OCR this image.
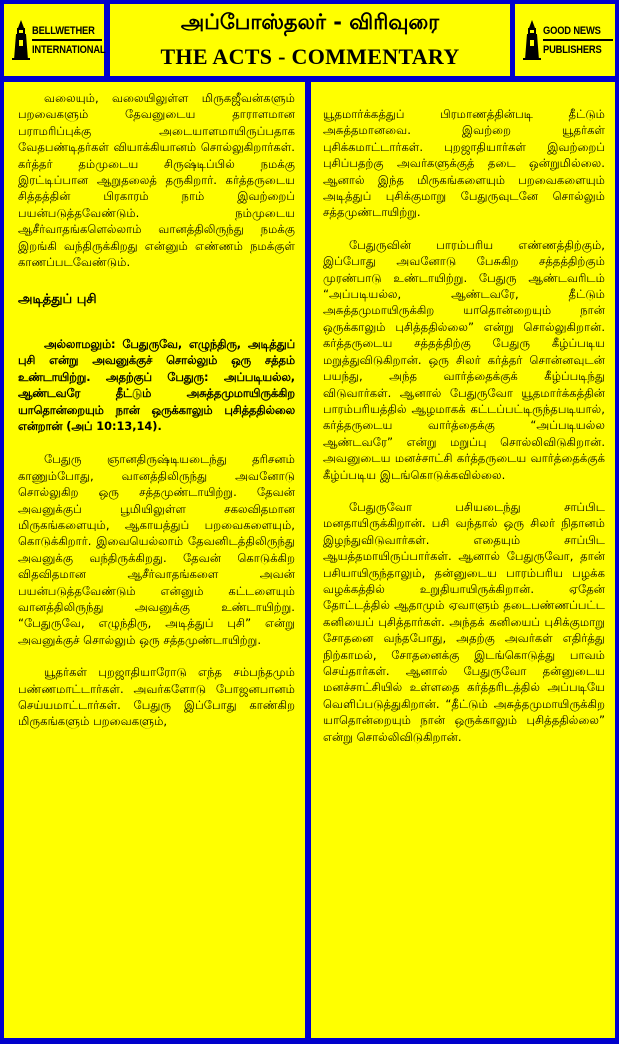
BELLWETHER
INTERNATIONAL
அப்போஸ்தலர் - விரிவுரை
THE ACTS - COMMENTARY
GOOD NEWS
PUBLISHERS

வலையும், வலையிலுள்ள மிருகஜீவன்களும் பறவைகளும் தேவனுடைய தாராளமான பராமரிப்புக்கு அடையாளமாயிருப்பதாக வேதபண்டிதர்கள் வியாக்கியானம் சொல்லுகிறார்கள். கர்த்தர் தம்முடைய சிருஷ்டிப்பில் நமக்கு இரட்டிப்பான ஆறுதலைத் தருகிறார். கர்த்தருடைய சித்தத்தின் பிரகாரம் நாம் இவற்றைப் பயன்படுத்தவேண்டும். நம்முடைய ஆசீர்வாதங்களெல்லாம் வானத்திலிருந்து நமக்கு இறங்கி வந்திருக்கிறது என்னும் எண்ணம் நமக்குள் காணப்படவேண்டும்.

அடித்துப் புசி

அல்லாமலும்: பேதுருவே, எழுந்திரு, அடித்துப் புசி என்று அவனுக்குச் சொல்லும் ஒரு சத்தம் உண்டாயிற்று. அதற்குப் பேதுரு: அப்படியல்ல, ஆண்டவரே தீட்டும் அசுத்தமுமாயிருக்கிற யாதொன்றையும் நான் ஒருக்காலும் புசித்ததில்லை என்றான் (அப் 10:13,14).

பேதுரு ஞானதிருஷ்டியடைந்து தரிசனம் காணும்போது, வானத்திலிருந்து அவனோடு சொல்லுகிற ஒரு சத்தமுண்டாயிற்று. தேவன் அவனுக்குப் பூமியிலுள்ள சகலவிதமான மிருகங்களையும், ஆகாயத்துப் பறவைகளையும், கொடுக்கிறார். இவையெல்லாம் தேவனிடத்திலிருந்து அவனுக்கு வந்திருக்கிறது. தேவன் கொடுக்கிற விதவிதமான ஆசீர்வாதங்களை அவன் பயன்படுத்தவேண்டும் என்னும் கட்டளையும் வானத்திலிருந்து அவனுக்கு உண்டாயிற்று. “பேதுருவே, எழுந்திரு, அடித்துப் புசி” என்று அவனுக்குச் சொல்லும் ஒரு சத்தமுண்டாயிற்று.

யூதர்கள் புறஜாதியாரோடு எந்த சம்பந்தமும் பண்ணமாட்டார்கள். அவர்களோடு போஜனபானம் செய்யமாட்டார்கள். பேதுரு இப்போது காண்கிற மிருகங்களும் பறவைகளும்,

யூதமார்க்கத்துப் பிரமாணத்தின்படி தீட்டும் அசுத்தமானவை. இவற்றை யூதர்கள் புசிக்கமாட்டார்கள். புறஜாதியார்கள் இவற்றைப் புசிப்பதற்கு அவர்களுக்குத் தடை ஒன்றுமில்லை. ஆனால் இந்த மிருகங்களையும் பறவைகளையும் அடித்துப் புசிக்குமாறு பேதுருவுடனே சொல்லும் சத்தமுண்டாயிற்று.

பேதுருவின் பாரம்பரிய எண்ணத்திற்கும், இப்போது அவனோடு பேசுகிற சத்தத்திற்கும் முரண்பாடு உண்டாயிற்று. பேதுரு ஆண்டவரிடம் “அப்படியல்ல, ஆண்டவரே, தீட்டும் அசுத்தமுமாயிருக்கிற யாதொன்றையும் நான் ஒருக்காலும் புசித்ததில்லை” என்று சொல்லுகிறான். கர்த்தருடைய சத்தத்திற்கு பேதுரு கீழ்ப்படிய மறுத்துவிடுகிறான். ஒரு சிலர் கர்த்தர் சொன்னவுடன் பயந்து, அந்த வார்த்தைக்குக் கீழ்ப்படிந்து விடுவார்கள். ஆனால் பேதுருவோ யூதமார்க்கத்தின் பாரம்பரியத்தில் ஆழமாகக் கட்டப்பட்டிருந்தபடியால், கர்த்தருடைய வார்த்தைக்கு “அப்படியல்ல ஆண்டவரே” என்று மறுப்பு சொல்லிவிடுகிறான். அவனுடைய மனச்சாட்சி கர்த்தருடைய வார்த்தைக்குக் கீழ்ப்படிய இடங்கொடுக்கவில்லை.

பேதுருவோ பசியடைந்து சாப்பிட மனதாயிருக்கிறான். பசி வந்தால் ஒரு சிலர் நிதானம் இழந்துவிடுவார்கள். எதையும் சாப்பிட ஆயத்தமாயிருப்பார்கள். ஆனால் பேதுருவோ, தான் பசியாயிருந்தாலும், தன்னுடைய பாரம்பரிய பழக்க வழக்கத்தில் உறுதியாயிருக்கிறான். ஏதேன் தோட்டத்தில் ஆதாமும் ஏவாளும் தடைபண்ணப்பட்ட கனியைப் புசித்தார்கள். அந்தக் கனியைப் புசிக்குமாறு சோதனை வந்தபோது, அதற்கு அவர்கள் எதிர்த்து நிற்காமல், சோதனைக்கு இடங்கொடுத்து பாவம் செய்தார்கள். ஆனால் பேதுருவோ தன்னுடைய மனச்சாட்சியில் உள்ளதை கர்த்தரிடத்தில் அப்படியே வெளிப்படுத்துகிறான். “தீட்டும் அசுத்தமுமாயிருக்கிற யாதொன்றையும் நான் ஒருக்காலும் புசித்ததில்லை” என்று சொல்லிவிடுகிறான்.
